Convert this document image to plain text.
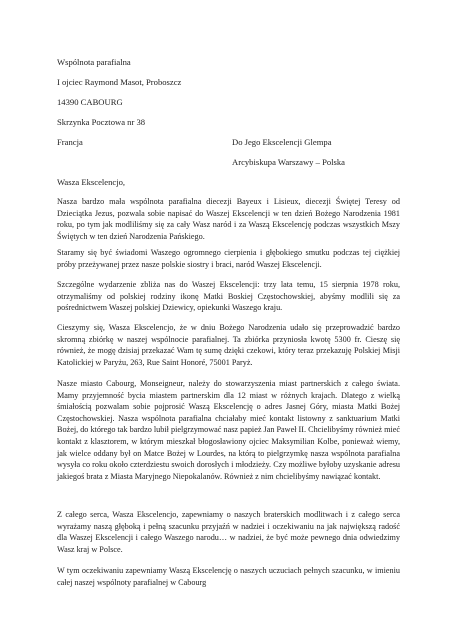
Wspólnota parafialna
I ojciec Raymond Masot, Proboszcz
14390 CABOURG
Skrzynka Pocztowa nr 38
Francja	Do Jego Ekscelencji Glempa
Arcybiskupa Warszawy – Polska
Wasza Ekscelencjo,

Nasza bardzo mała wspólnota parafialna diecezji Bayeux i Lisieux, diecezji Świętej Teresy od Dzieciątka Jezus, pozwala sobie napisać do Waszej Ekscelencji w ten dzień Bożego Narodzenia 1981 roku, po tym jak modliliśmy się za cały Wasz naród i za Waszą Ekscelencję podczas wszystkich Mszy Świętych w ten dzień Narodzenia Pańskiego.

Staramy się być świadomi Waszego ogromnego cierpienia i głębokiego smutku podczas tej ciężkiej próby przeżywanej przez nasze polskie siostry i braci, naród Waszej Ekscelencji.

Szczególne wydarzenie zbliża nas do Waszej Ekscelencji: trzy lata temu, 15 sierpnia 1978 roku, otrzymaliśmy od polskiej rodziny ikonę Matki Boskiej Częstochowskiej, abyśmy modlili się za pośrednictwem Waszej polskiej Dziewicy, opiekunki Waszego kraju.

Cieszymy się, Wasza Ekscelencjo, że w dniu Bożego Narodzenia udało się przeprowadzić bardzo skromną zbiórkę w naszej wspólnocie parafialnej. Ta zbiórka przyniosła kwotę 5300 fr. Cieszę się również, że mogę dzisiaj przekazać Wam tę sumę dzięki czekowi, który teraz przekazuję Polskiej Misji Katolickiej w Paryżu, 263, Rue Saint Honoré, 75001 Paryż.

Nasze miasto Cabourg, Monseigneur, należy do stowarzyszenia miast partnerskich z całego świata. Mamy przyjemność bycia miastem partnerskim dla 12 miast w różnych krajach. Dlatego z wielką śmiałością pozwalam sobie pojprosić Waszą Ekscelencję o adres Jasnej Góry, miasta Matki Bożej Częstochowskiej. Nasza wspólnota parafialna chciałaby mieć kontakt listowny z sanktuarium Matki Bożej, do którego tak bardzo lubił pielgrzymować nasz papież Jan Paweł II. Chcielibyśmy również mieć kontakt z klasztorem, w którym mieszkał błogosławiony ojciec Maksymilian Kolbe, ponieważ wiemy, jak wielce oddany był on Matce Bożej w Lourdes, na którą to pielgrzymkę nasza wspólnota parafialna wysyła co roku około czterdziestu swoich dorosłych i młodzieży. Czy możliwe byłoby uzyskanie adresu jakiegoś brata z Miasta Maryjnego Niepokalanów. Również z nim chcielibyśmy nawiązać kontakt.

Z całego serca, Wasza Ekscelencjo, zapewniamy o naszych braterskich modlitwach i z całego serca wyrażamy naszą głęboką i pełną szacunku przyjaźń w nadziei i oczekiwaniu na jak największą radość dla Waszej Ekscelencji i całego Waszego narodu… w nadziei, że być może pewnego dnia odwiedzimy Wasz kraj w Polsce.

W tym oczekiwaniu zapewniamy Waszą Ekscelencję o naszych uczuciach pełnych szacunku, w imieniu całej naszej wspólnoty parafialnej w Cabourg
